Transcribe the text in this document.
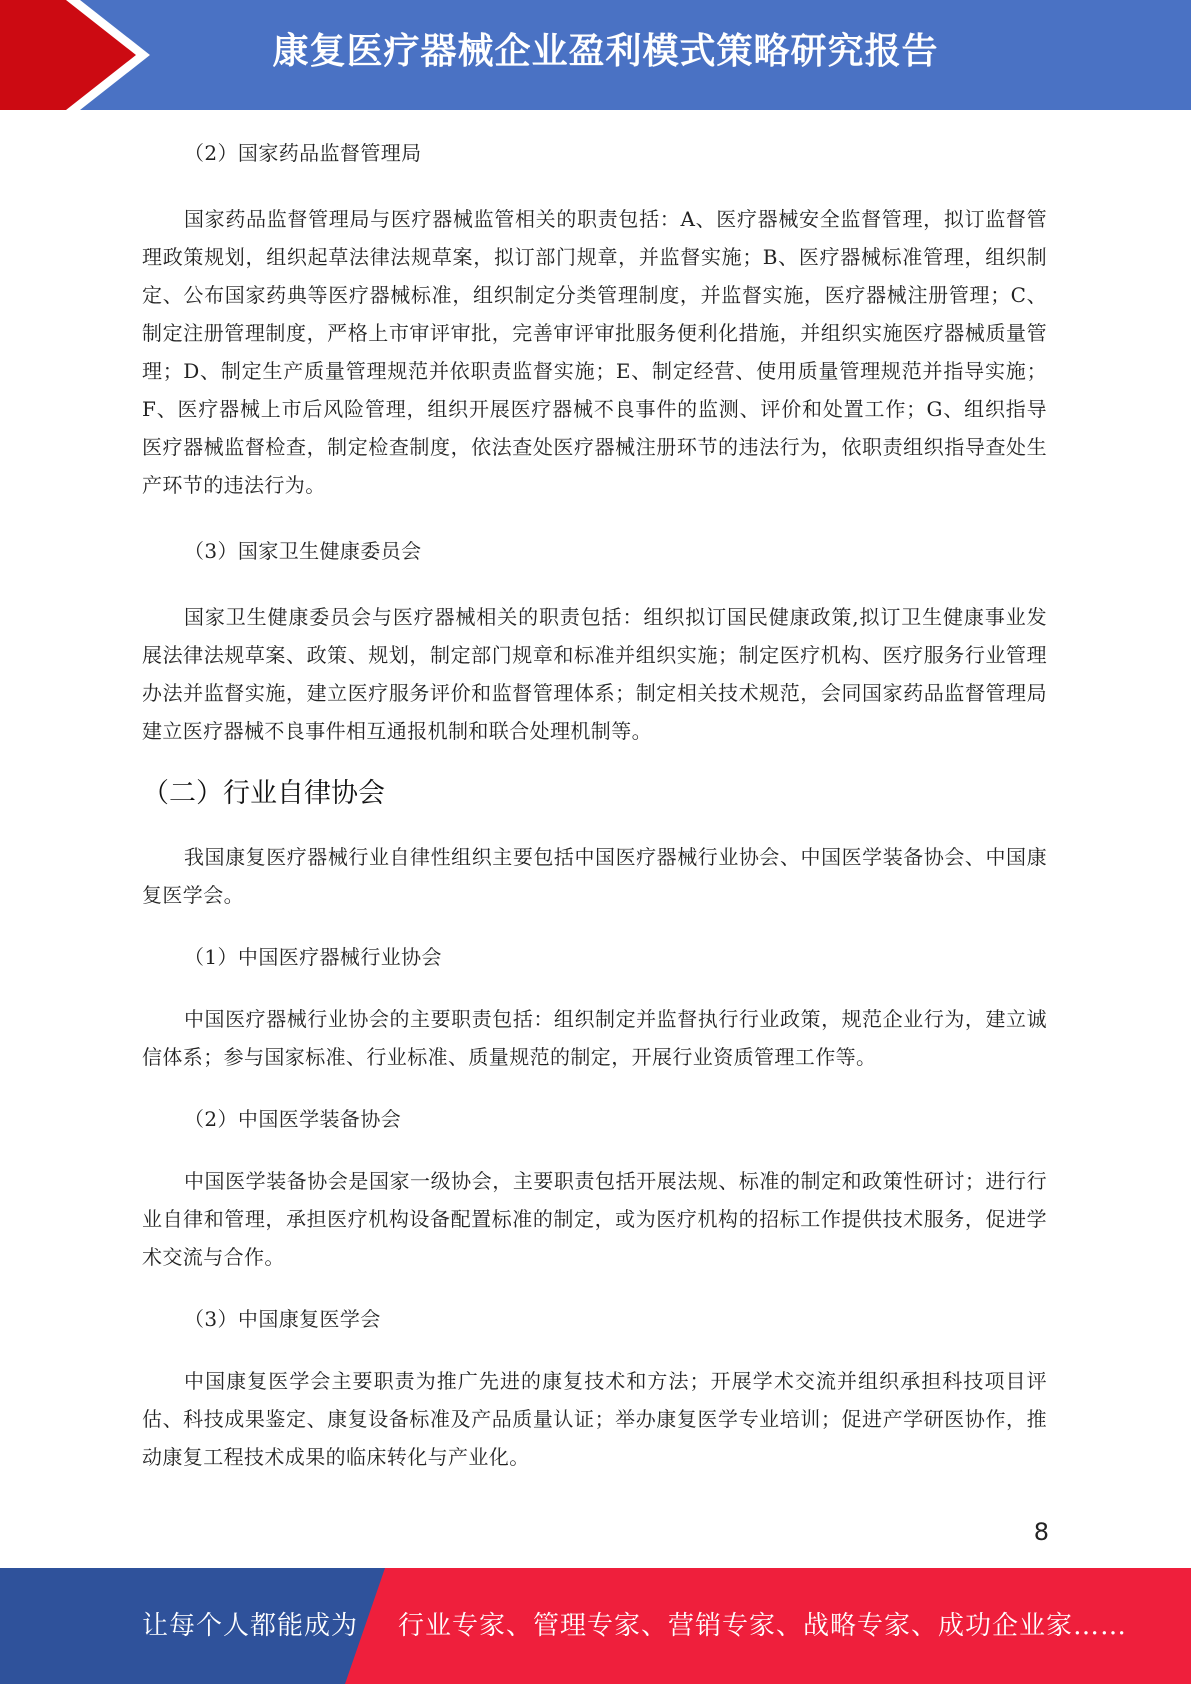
康复医疗器械企业盈利模式策略研究报告

（2）国家药品监督管理局

国家药品监督管理局与医疗器械监管相关的职责包括：A、医疗器械安全监督管理，拟订监督管理政策规划，组织起草法律法规草案，拟订部门规章，并监督实施；B、医疗器械标准管理，组织制定、公布国家药典等医疗器械标准，组织制定分类管理制度，并监督实施，医疗器械注册管理；C、制定注册管理制度，严格上市审评审批，完善审评审批服务便利化措施，并组织实施医疗器械质量管理；D、制定生产质量管理规范并依职责监督实施；E、制定经营、使用质量管理规范并指导实施；F、医疗器械上市后风险管理，组织开展医疗器械不良事件的监测、评价和处置工作；G、组织指导医疗器械监督检查，制定检查制度，依法查处医疗器械注册环节的违法行为，依职责组织指导查处生产环节的违法行为。

（3）国家卫生健康委员会

国家卫生健康委员会与医疗器械相关的职责包括：组织拟订国民健康政策,拟订卫生健康事业发展法律法规草案、政策、规划，制定部门规章和标准并组织实施；制定医疗机构、医疗服务行业管理办法并监督实施，建立医疗服务评价和监督管理体系；制定相关技术规范，会同国家药品监督管理局建立医疗器械不良事件相互通报机制和联合处理机制等。

（二）行业自律协会

我国康复医疗器械行业自律性组织主要包括中国医疗器械行业协会、中国医学装备协会、中国康复医学会。

（1）中国医疗器械行业协会

中国医疗器械行业协会的主要职责包括：组织制定并监督执行行业政策，规范企业行为，建立诚信体系；参与国家标准、行业标准、质量规范的制定，开展行业资质管理工作等。

（2）中国医学装备协会

中国医学装备协会是国家一级协会，主要职责包括开展法规、标准的制定和政策性研讨；进行行业自律和管理，承担医疗机构设备配置标准的制定，或为医疗机构的招标工作提供技术服务，促进学术交流与合作。

（3）中国康复医学会

中国康复医学会主要职责为推广先进的康复技术和方法；开展学术交流并组织承担科技项目评估、科技成果鉴定、康复设备标准及产品质量认证；举办康复医学专业培训；促进产学研医协作，推动康复工程技术成果的临床转化与产业化。

8
让每个人都能成为 行业专家、管理专家、营销专家、战略专家、成功企业家……
